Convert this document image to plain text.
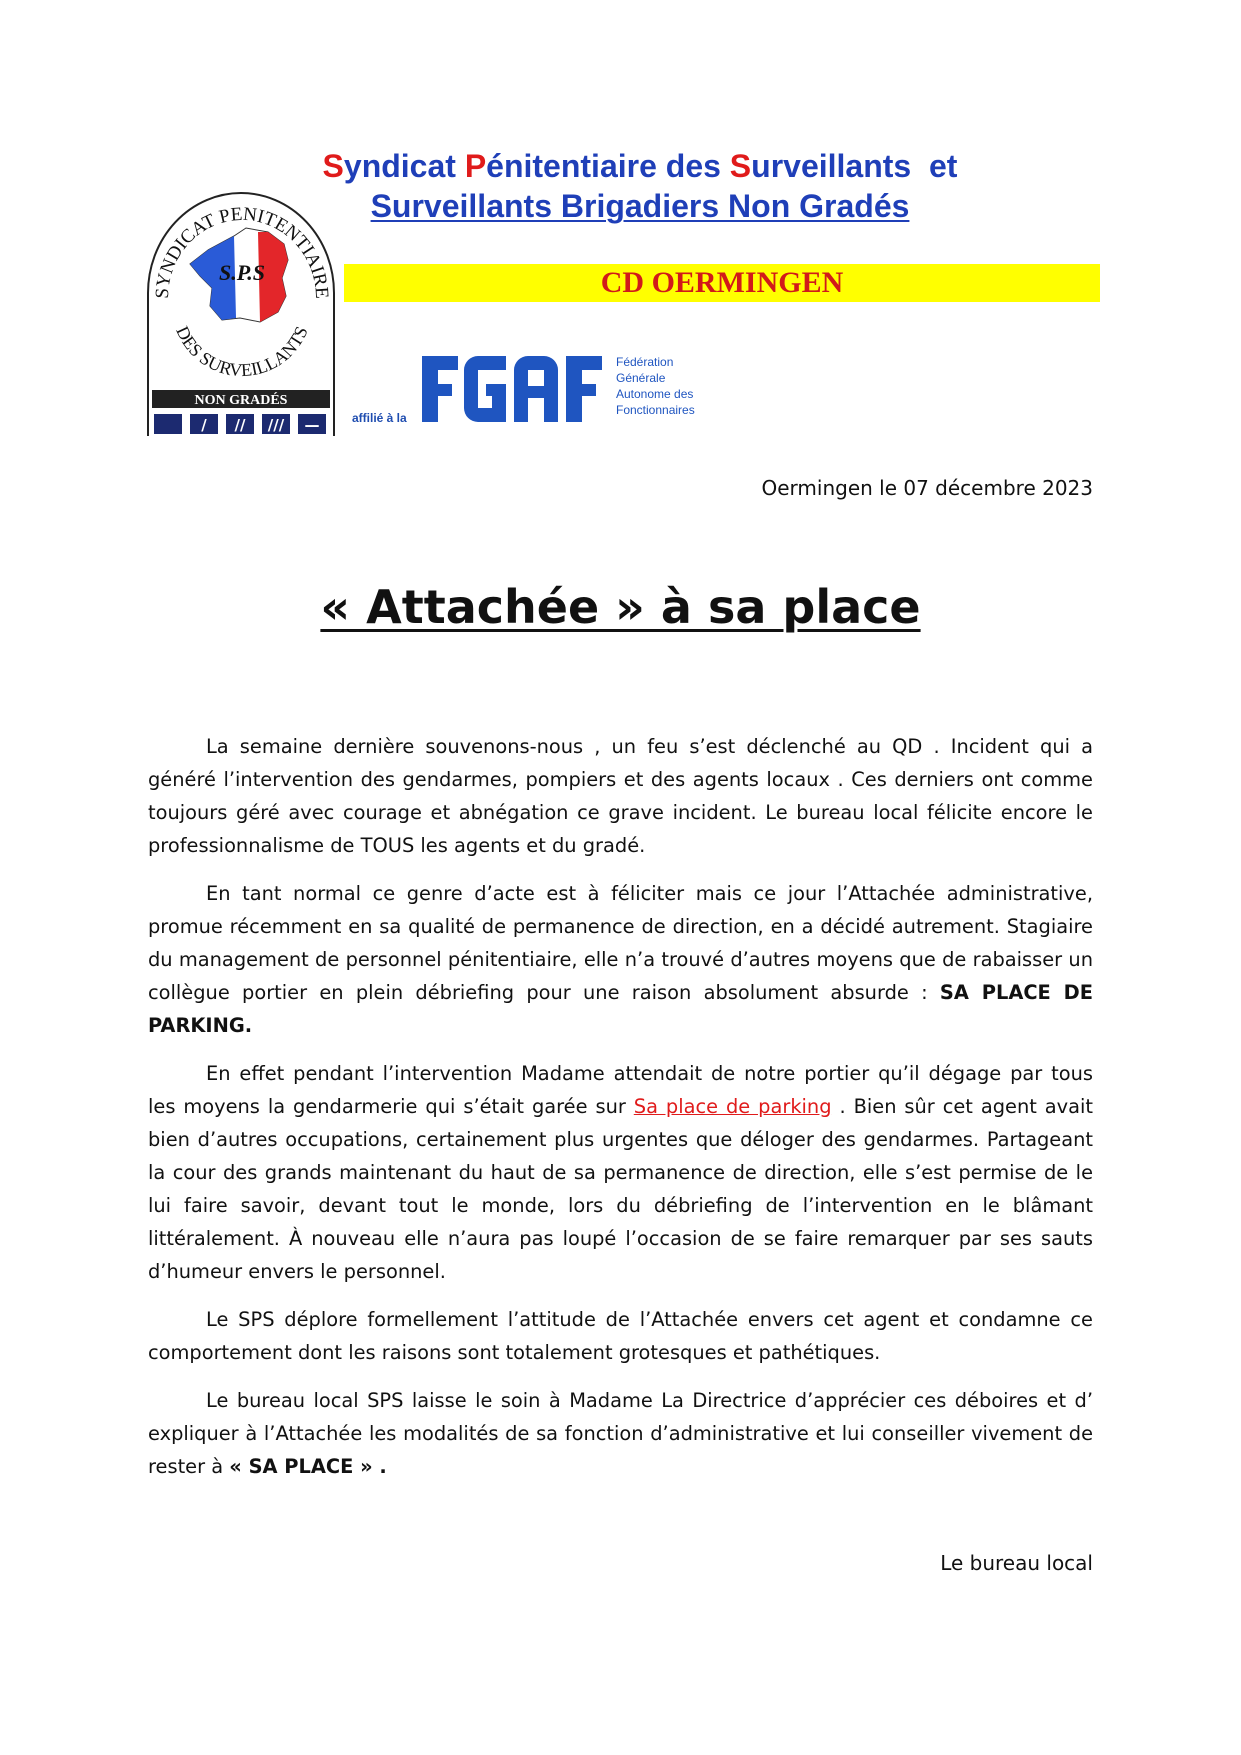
Syndicat Pénitentiaire des Surveillants  et
Surveillants Brigadiers Non Gradés
CD OERMINGEN
SYNDICAT PENITENTIAIRE
S.P.S
DES SURVEILLANTS
NON GRADÉS
/ // /// —	affilié à la
Fédération
Générale
Autonome des
Fonctionnaires
Oermingen le 07 décembre 2023
« Attachée » à sa place

La semaine dernière souvenons-nous , un feu s’est déclenché au QD . Incident qui a généré l’intervention des gendarmes, pompiers et des agents locaux . Ces derniers ont comme toujours géré avec courage et abnégation ce grave incident. Le bureau local félicite encore le professionnalisme de TOUS les agents et du gradé.

En tant normal ce genre d’acte est à féliciter mais ce jour l’Attachée administrative, promue récemment en sa qualité de permanence de direction, en a décidé autrement. Stagiaire du management de personnel pénitentiaire, elle n’a trouvé d’autres moyens que de rabaisser un collègue portier en plein débriefing pour une raison absolument absurde : SA PLACE DE PARKING.

En effet pendant l’intervention Madame attendait de notre portier qu’il dégage par tous les moyens la gendarmerie qui s’était garée sur Sa place de parking . Bien sûr cet agent avait bien d’autres occupations, certainement plus urgentes que déloger des gendarmes. Partageant la cour des grands maintenant du haut de sa permanence de direction, elle s’est permise de le lui faire savoir, devant tout le monde, lors du débriefing de l’intervention en le blâmant littéralement. À nouveau elle n’aura pas loupé l’occasion de se faire remarquer par ses sauts d’humeur envers le personnel.

Le SPS déplore formellement l’attitude de l’Attachée envers cet agent et condamne ce comportement dont les raisons sont totalement grotesques et pathétiques.

Le bureau local SPS laisse le soin à Madame La Directrice d’apprécier ces déboires et d’ expliquer à l’Attachée les modalités de sa fonction d’administrative et lui conseiller vivement de rester à « SA PLACE » .

Le bureau local
